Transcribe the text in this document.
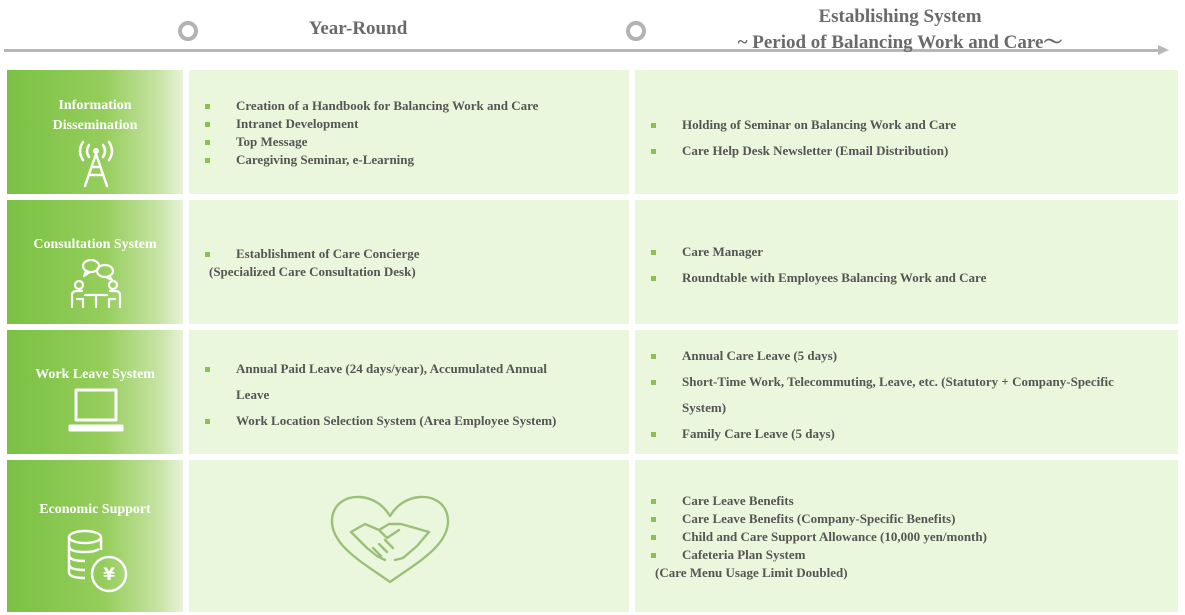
Year-Round
Establishing System
~ Period of Balancing Work and Care～
Information
Dissemination
Creation of a Handbook for Balancing Work and Care
Intranet Development
Top Message
Caregiving Seminar, e-Learning
Holding of Seminar on Balancing Work and Care
Care Help Desk Newsletter (Email Distribution)
Consultation System
Establishment of Care Concierge
(Specialized Care Consultation Desk)
Care Manager
Roundtable with Employees Balancing Work and Care
Work Leave System	Annual Paid Leave (24 days/year), Accumulated Annual
Leave
Work Location Selection System (Area Employee System)
Annual Care Leave (5 days)
Short-Time Work, Telecommuting, Leave, etc. (Statutory + Company-Specific
System)
Family Care Leave (5 days)
Economic Support
¥
Care Leave Benefits
Care Leave Benefits (Company-Specific Benefits)
Child and Care Support Allowance (10,000 yen/month)
Cafeteria Plan System
(Care Menu Usage Limit Doubled)
